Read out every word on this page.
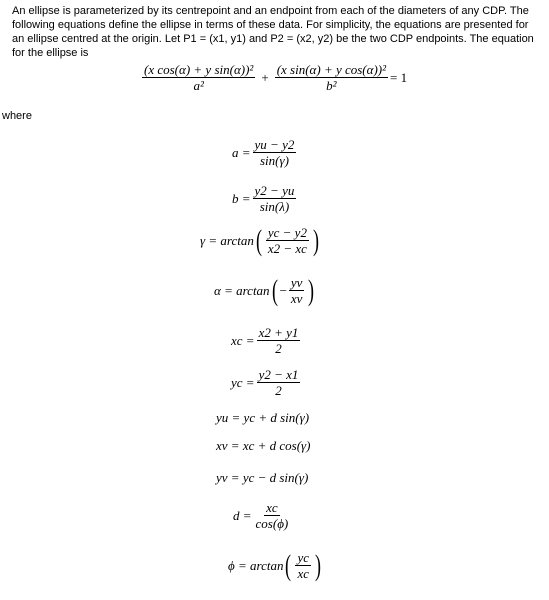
An ellipse is parameterized by its centrepoint and an endpoint from each of the diameters of any CDP. The following equations define the ellipse in terms of these data. For simplicity, the equations are presented for an ellipse centred at the origin. Let P1 = (x1, y1) and P2 = (x2, y2) be the two CDP endpoints. The equation for the ellipse is
$\frac{\text{(x cos(α) + y sin(α))²}}{\text{a²}} + \frac{\text{(x sin(α) + y cos(α))²}}{\text{b²}} = 1$
where
$a = \frac{yu - y2}{\sin(\gamma)}$
$b = \frac{y2 - yu}{\sin(\lambda)}$
γ = arctan ( $\frac{yc - y2}{x2 - xc}$ )
α = arctan ( − $\frac{yv}{xv}$ )
xc = $\frac{x2 + y1}{2}$
yc = $\frac{y2 - x1}{2}$
yu = yc + d sin(γ)
xv = xc + d cos(γ)
yv = yc − d sin(γ)
$d = \frac{xc}{\cos(\phi)}$
ϕ = arctan ( $\frac{yc}{xc}$ )
